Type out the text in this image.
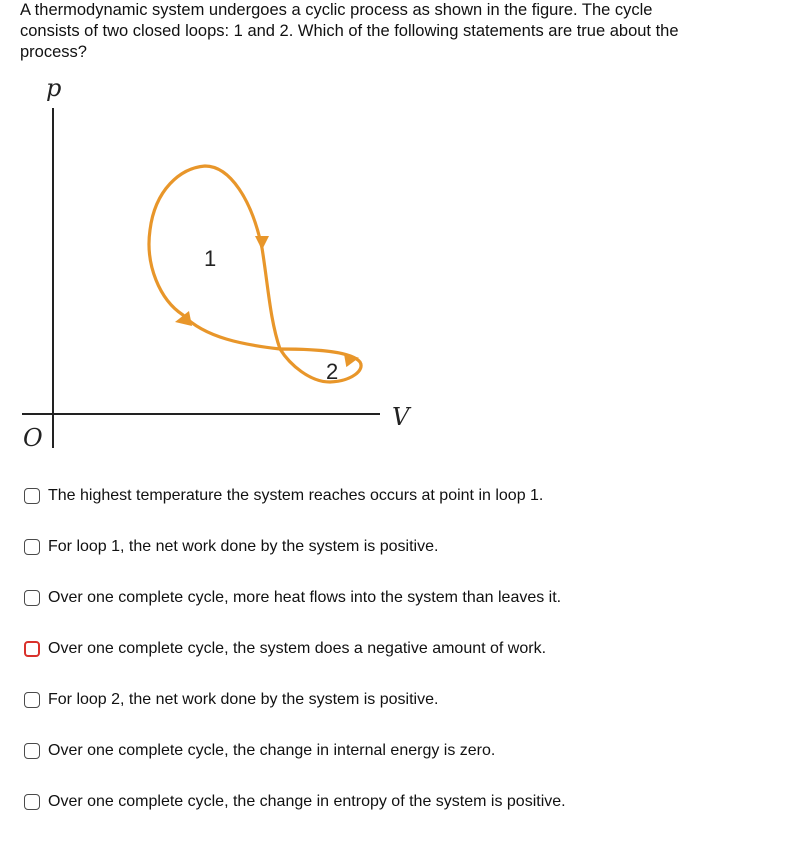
A thermodynamic system undergoes a cyclic process as shown in the figure. The cycle consists of two closed loops: 1 and 2. Which of the following statements are true about the process?
p
V
O
1
2
The highest temperature the system reaches occurs at point in loop 1.
For loop 1, the net work done by the system is positive.
Over one complete cycle, more heat flows into the system than leaves it.
Over one complete cycle, the system does a negative amount of work.
For loop 2, the net work done by the system is positive.
Over one complete cycle, the change in internal energy is zero.
Over one complete cycle, the change in entropy of the system is positive.
